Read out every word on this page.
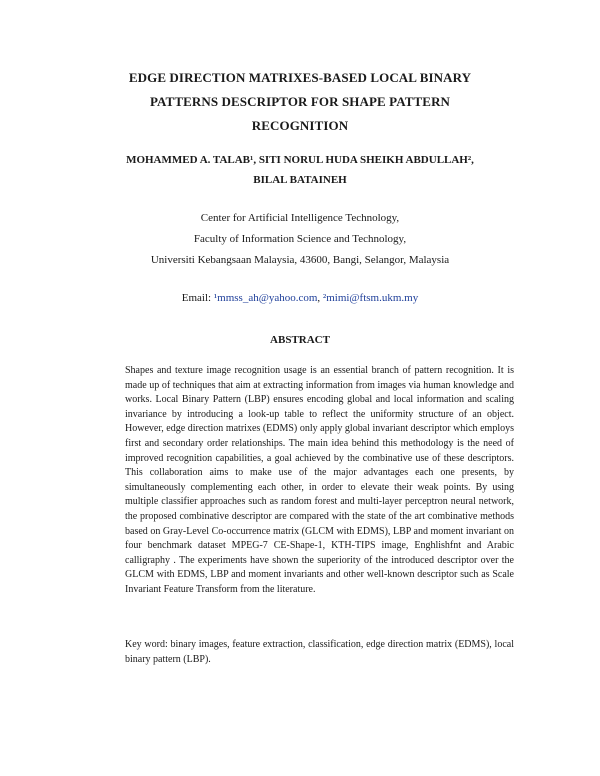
EDGE DIRECTION MATRIXES-BASED LOCAL BINARY
PATTERNS DESCRIPTOR FOR SHAPE PATTERN
RECOGNITION
MOHAMMED A. TALAB¹, SITI NORUL HUDA SHEIKH ABDULLAH²,
BILAL BATAINEH
Center for Artificial Intelligence Technology,
Faculty of Information Science and Technology,
Universiti Kebangsaan Malaysia, 43600, Bangi, Selangor, Malaysia
Email: ¹mmss_ah@yahoo.com, ²mimi@ftsm.ukm.my
ABSTRACT

Shapes and texture image recognition usage is an essential branch of pattern recognition. It is made up of techniques that aim at extracting information from images via human knowledge and works. Local Binary Pattern (LBP) ensures encoding global and local information and scaling invariance by introducing a look-up table to reflect the uniformity structure of an object. However, edge direction matrixes (EDMS) only apply global invariant descriptor which employs first and secondary order relationships. The main idea behind this methodology is the need of improved recognition capabilities, a goal achieved by the combinative use of these descriptors. This collaboration aims to make use of the major advantages each one presents, by simultaneously complementing each other, in order to elevate their weak points. By using multiple classifier approaches such as random forest and multi-layer perceptron neural network, the proposed combinative descriptor are compared with the state of the art combinative methods based on Gray-Level Co-occurrence matrix (GLCM with EDMS), LBP and moment invariant on four benchmark dataset MPEG-7 CE-Shape-1, KTH-TIPS image, Enghlishfnt and Arabic calligraphy . The experiments have shown the superiority of the introduced descriptor over the GLCM with EDMS, LBP and moment invariants and other well-known descriptor such as Scale Invariant Feature Transform from the literature.

Key word: binary images, feature extraction, classification, edge direction matrix (EDMS), local binary pattern (LBP).
